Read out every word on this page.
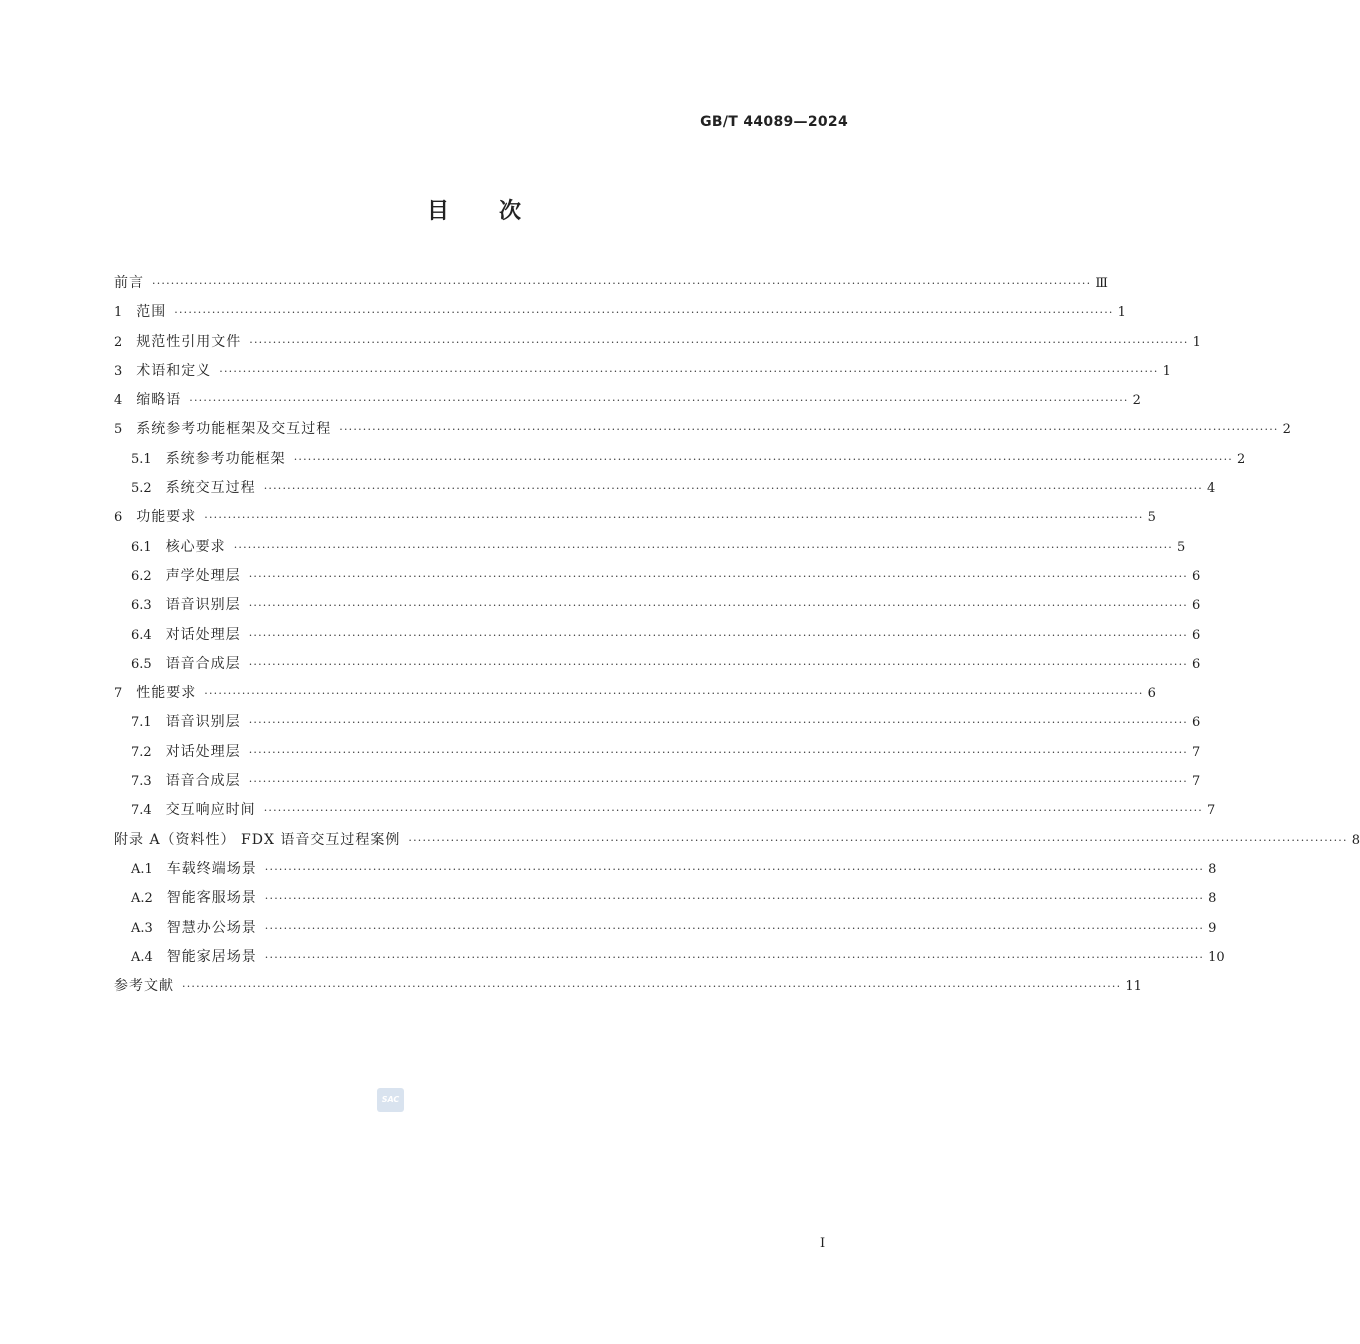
GB/T 44089—2024
目 次
前言 ········································································································································································································ Ⅲ
1 范围 ········································································································································································································ 1
2 规范性引用文件 ········································································································································································································ 1
3 术语和定义 ········································································································································································································ 1
4 缩略语 ········································································································································································································ 2
5 系统参考功能框架及交互过程 ········································································································································································································ 2
5.1 系统参考功能框架 ········································································································································································································ 2
5.2 系统交互过程 ········································································································································································································ 4
6 功能要求 ········································································································································································································ 5
6.1 核心要求 ········································································································································································································ 5
6.2 声学处理层 ········································································································································································································ 6
6.3 语音识别层 ········································································································································································································ 6
6.4 对话处理层 ········································································································································································································ 6
6.5 语音合成层 ········································································································································································································ 6
7 性能要求 ········································································································································································································ 6
7.1 语音识别层 ········································································································································································································ 6
7.2 对话处理层 ········································································································································································································ 7
7.3 语音合成层 ········································································································································································································ 7
7.4 交互响应时间 ········································································································································································································ 7
附录 A（资料性） FDX 语音交互过程案例 ········································································································································································································ 8
A.1 车载终端场景 ········································································································································································································ 8
A.2 智能客服场景 ········································································································································································································ 8
A.3 智慧办公场景 ········································································································································································································ 9
A.4 智能家居场景 ········································································································································································································ 10
参考文献 ········································································································································································································ 11
SAC
Ⅰ
